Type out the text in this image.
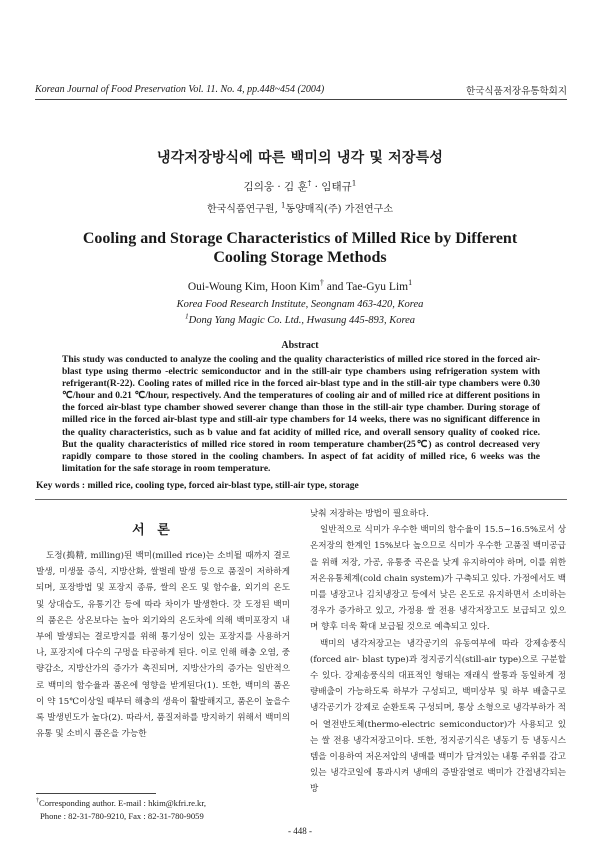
Korean Journal of Food Preservation Vol. 11. No. 4, pp.448~454 (2004)	한국식품저장유통학회지
냉각저장방식에 따른 백미의 냉각 및 저장특성
김의웅 · 김 훈† · 임태규$^1$
한국식품연구원, $^1$동양매직(주) 가전연구소
Cooling and Storage Characteristics of Milled Rice by Different
Cooling Storage Methods
Oui-Woung Kim, Hoon Kim† and Tae-Gyu Lim$^1$
Korea Food Research Institute, Seongnam 463-420, Korea
$^1$Dong Yang Magic Co. Ltd., Hwasung 445-893, Korea
Abstract

This study was conducted to analyze the cooling and the quality characteristics of milled rice stored in the forced air-blast type using thermo -electric semiconductor and in the still-air type chambers using refrigeration system with refrigerant(R-22). Cooling rates of milled rice in the forced air-blast type and in the still-air type chambers were 0.30 ℃/hour and 0.21 ℃/hour, respectively. And the temperatures of cooling air and of milled rice at different positions in the forced air-blast type chamber showed severer change than those in the still-air type chamber. During storage of milled rice in the forced air-blast type and still-air type chambers for 14 weeks, there was no significant difference in the quality characteristics, such as b value and fat acidity of milled rice, and overall sensory quality of cooked rice. But the quality characteristics of milled rice stored in room temperature chamber(25℃) as control decreased very rapidly compare to those stored in the cooling chambers. In aspect of fat acidity of milled rice, 6 weeks was the limitation for the safe storage in room temperature.

Key words : milled rice, cooling type, forced air-blast type, still-air type, storage
서 론

도정(搗精, milling)된 백미(milled rice)는 소비될 때까지 결로 발생, 미생물 증식, 지방산화, 쌀벌레 발생 등으로 품질이 저하하게 되며, 포장방법 및 포장지 종류, 쌀의 온도 및 함수율, 외기의 온도 및 상대습도, 유통기간 등에 따라 차이가 발생한다. 갓 도정된 백미의 품온은 상온보다는 높아 외기와의 온도차에 의해 백미포장지 내부에 발생되는 결로방지를 위해 통기성이 있는 포장지를 사용하거나, 포장지에 다수의 구멍을 타공하게 된다. 이로 인해 해충 오염, 중량감소, 지방산가의 증가가 촉진되며, 지방산가의 증가는 일반적으로 백미의 함수율과 품온에 영향을 받게된다(1). 또한, 백미의 품온이 약 15℃이상일 때부터 해충의 생육이 활발해지고, 품온이 높을수록 발생빈도가 높다(2). 따라서, 품질저하를 방지하기 위해서 백미의 유통 및 소비시 품온을 가능한

낮춰 저장하는 방법이 필요하다.

일반적으로 식미가 우수한 백미의 함수율이 15.5~16.5%로서 상온저장의 한계인 15%보다 높으므로 식미가 우수한 고품질 백미공급을 위해 저장, 가공, 유통중 곡온을 낮게 유지하여야 하며, 이를 위한 저온유통체계(cold chain system)가 구축되고 있다. 가정에서도 백미를 냉장고나 김치냉장고 등에서 낮은 온도로 유지하면서 소비하는 경우가 증가하고 있고, 가정용 쌀 전용 냉각저장고도 보급되고 있으며 향후 더욱 확대 보급될 것으로 예측되고 있다.

백미의 냉각저장고는 냉각공기의 유동여부에 따라 강제송풍식(forced air- blast type)과 정지공기식(still-air type)으로 구분할 수 있다. 강제송풍식의 대표적인 형태는 재래식 쌀통과 동일하게 정량배출이 가능하도록 하부가 구성되고, 백미상부 및 하부 배출구로 냉각공기가 강제로 순환토록 구성되며, 통상 소형으로 냉각부하가 적어 열전반도체(thermo-electric semiconductor)가 사용되고 있는 쌀 전용 냉각저장고이다. 또한, 정지공기식은 냉동기 등 냉동시스템을 이용하여 저온저압의 냉매를 백미가 담겨있는 내통 주위를 감고있는 냉각코일에 통과시켜 냉매의 증발잠열로 백미가 간접냉각되는 방

†Corresponding author. E-mail : hkim@kfri.re.kr,
Phone : 82-31-780-9210, Fax : 82-31-780-9059
- 448 -
